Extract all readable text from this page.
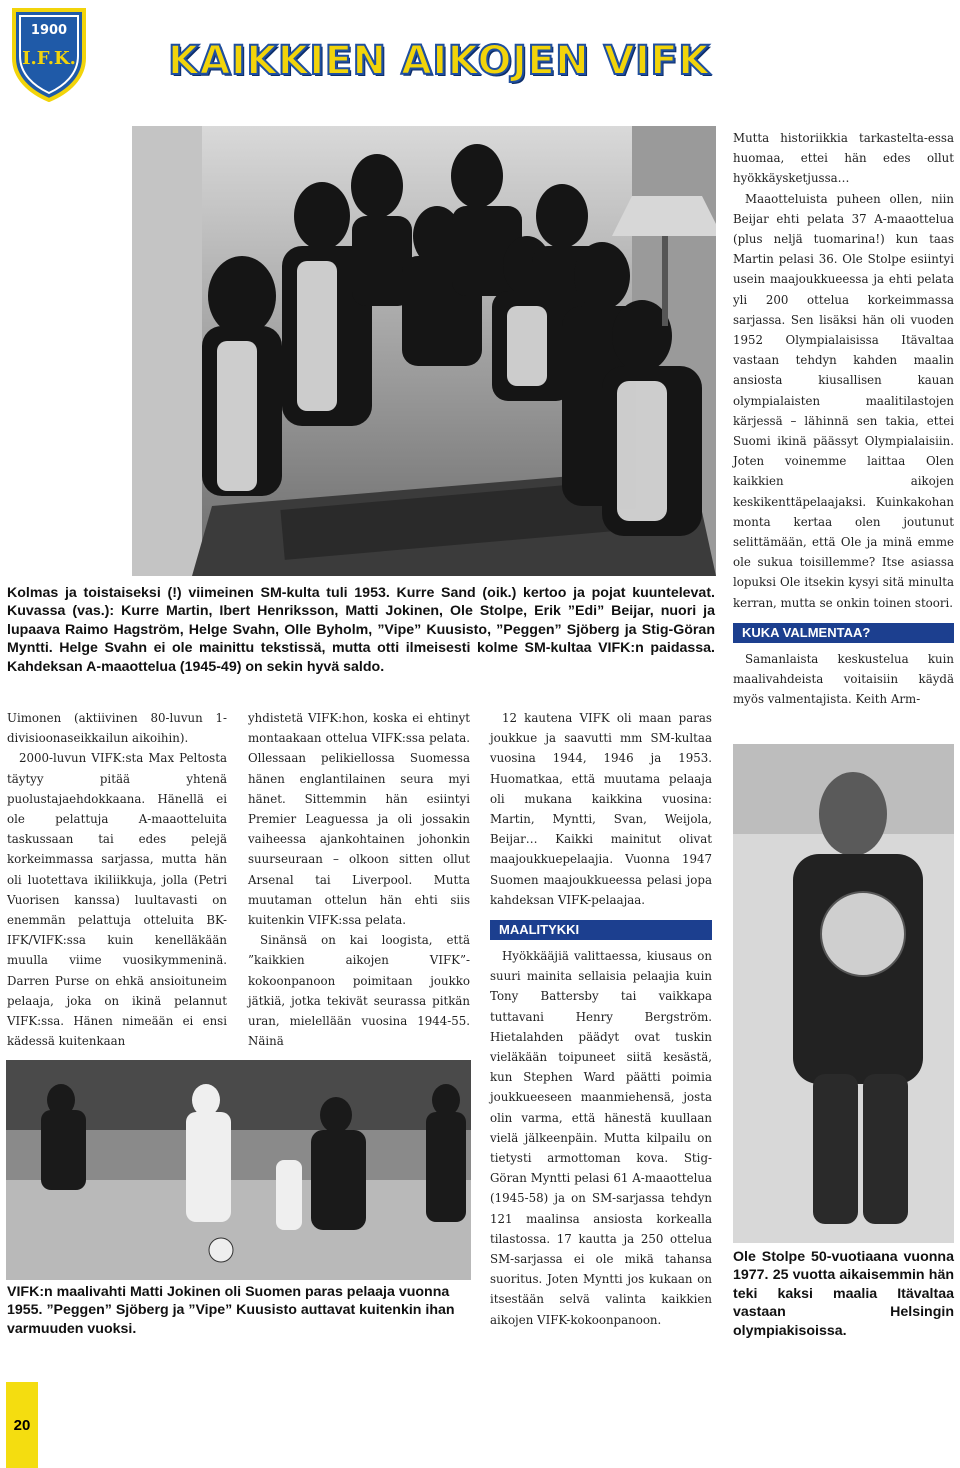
1900
I.F.K. KAIKKIEN AIKOJEN VIFK
Kolmas ja toistaiseksi (!) viimeinen SM-kulta tuli 1953. Kurre Sand (oik.) kertoo ja pojat kuuntelevat. Kuvassa (vas.): Kurre Martin, Ibert Henriksson, Matti Jokinen, Ole Stolpe, Erik ”Edi” Beijar, nuori ja lupaava Raimo Hagström, Helge Svahn, Olle Byholm, ”Vipe” Kuusisto, ”Peggen” Sjöberg ja Stig-Göran Myntti. Helge Svahn ei ole mainittu tekstissä, mutta otti ilmeisesti kolme SM-kultaa VIFK:n paidassa. Kahdeksan A-maaottelua (1945-49) on sekin hyvä saldo.

Uimonen (aktiivinen 80-luvun 1-divisioonaseikkailun aikoihin).

2000-luvun VIFK:sta Max Peltosta täytyy pitää yhtenä puolustajaehdokkaana. Hänellä ei ole pelattuja A-maaotteluita taskussaan tai edes pelejä korkeimmassa sarjassa, mutta hän oli luotettava ikiliikkuja, jolla (Petri Vuorisen kanssa) luultavasti on enemmän pelattuja otteluita BK-IFK/VIFK:ssa kuin kenelläkään muulla viime vuosikymmeninä. Darren Purse on ehkä ansioituneim pelaaja, joka on ikinä pelannut VIFK:ssa. Hänen nimeään ei ensi kädessä kuitenkaan

yhdistetä VIFK:hon, koska ei ehtinyt montaakaan ottelua VIFK:ssa pelata. Ollessaan pelikiellossa Suomessa hänen englantilainen seura myi hänet. Sittemmin hän esiintyi Premier Leaguessa ja oli jossakin vaiheessa ajankohtainen johonkin suurseuraan – olkoon sitten ollut Arsenal tai Liverpool. Mutta muutaman ottelun hän ehti siis kuitenkin VIFK:ssa pelata.

Sinänsä on kai loogista, että ”kaikkien aikojen VIFK”-kokoonpanoon poimitaan joukko jätkiä, jotka tekivät seurassa pitkän uran, mielellään vuosina 1944-55. Näinä

12 kautena VIFK oli maan paras joukkue ja saavutti mm SM-kultaa vuosina 1944, 1946 ja 1953. Huomatkaa, että muutama pelaaja oli mukana kaikkina vuosina: Martin, Myntti, Svan, Weijola, Beijar… Kaikki mainitut olivat maajoukkuepelaajia. Vuonna 1947 Suomen maajoukkueessa pelasi jopa kahdeksan VIFK-pelaajaa.

MAALITYKKI

Hyökkääjiä valittaessa, kiusaus on suuri mainita sellaisia pelaajia kuin Tony Battersby tai vaikkapa tuttavani Henry Bergström. Hietalahden päädyt ovat tuskin vieläkään toipuneet siitä kesästä, kun Stephen Ward päätti poimia joukkueeseen maanmiehensä, josta olin varma, että hänestä kuullaan vielä jälkeenpäin. Mutta kilpailu on tietysti armottoman kova. Stig-Göran Myntti pelasi 61 A-maaottelua (1945-58) ja on SM-sarjassa tehdyn 121 maalinsa ansiosta korkealla tilastossa. 17 kautta ja 250 ottelua SM-sarjassa ei ole mikä tahansa suoritus. Joten Myntti jos kukaan on itsestään selvä valinta kaikkien aikojen VIFK-kokoonpanoon.

Mutta historiikkia tarkastelta-essa huomaa, ettei hän edes ollut hyökkäysketjussa…

Maaotteluista puheen ollen, niin Beijar ehti pelata 37 A-maaottelua (plus neljä tuomarina!) kun taas Martin pelasi 36. Ole Stolpe esiintyi usein maajoukkueessa ja ehti pelata yli 200 ottelua korkeimmassa sarjassa. Sen lisäksi hän oli vuoden 1952 Olympialaisissa Itävaltaa vastaan tehdyn kahden maalin ansiosta kiusallisen kauan olympialaisten maalitilastojen kärjessä – lähinnä sen takia, ettei Suomi ikinä päässyt Olympialaisiin. Joten voinemme laittaa Olen kaikkien aikojen keskikenttäpelaajaksi. Kuinkakohan monta kertaa olen joutunut selittämään, että Ole ja minä emme ole sukua toisillemme? Itse asiassa lopuksi Ole itsekin kysyi sitä minulta kerran, mutta se onkin toinen stoori.

KUKA VALMENTAA?

Samanlaista keskustelua kuin maalivahdeista voitaisiin käydä myös valmentajista. Keith Arm-

VIFK:n maalivahti Matti Jokinen oli Suomen paras pelaaja vuonna 1955. ”Peggen” Sjöberg ja ”Vipe” Kuusisto auttavat kuitenkin ihan varmuuden vuoksi.
Ole Stolpe 50-vuotiaana vuonna 1977. 25 vuotta aikaisemmin hän teki kaksi maalia Itävaltaa vastaan Helsingin olympiakisoissa.
20
